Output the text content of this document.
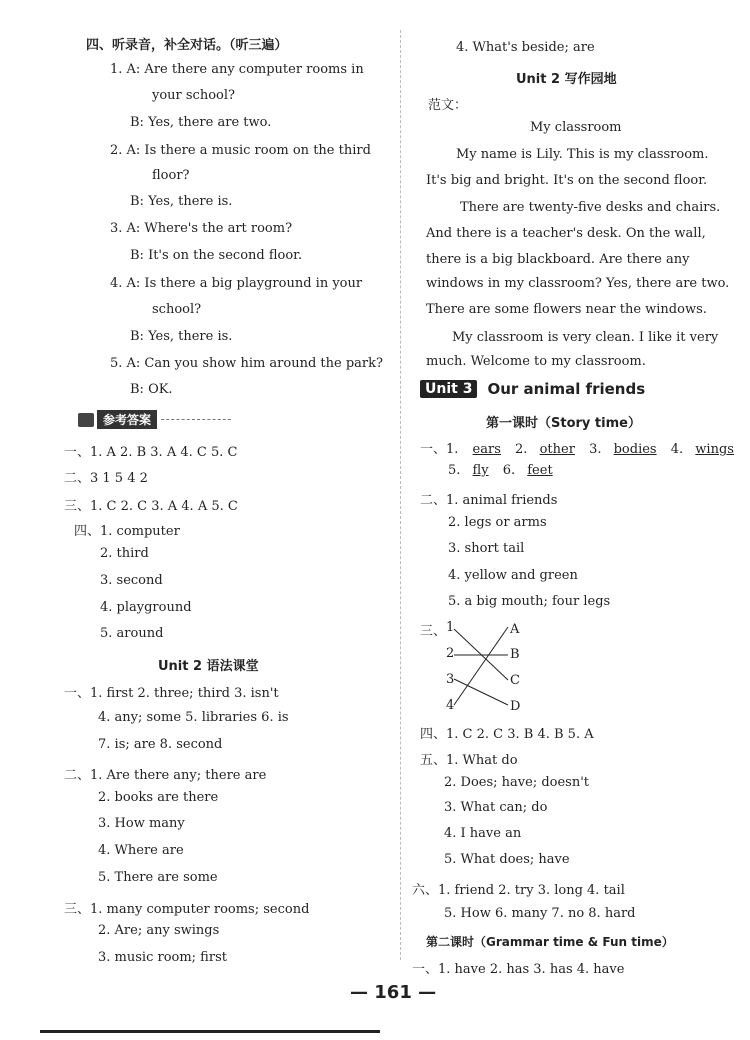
四、听录音，补全对话。（听三遍）
1. A: Are there any computer rooms in
your school?
B: Yes, there are two.
2. A: Is there a music room on the third
floor?
B: Yes, there is.
3. A: Where's the art room?
B: It's on the second floor.
4. A: Is there a big playground in your
school?
B: Yes, there is.
5. A: Can you show him around the park?
B: OK.
参考答案
一、1. A 2. B 3. A 4. C 5. C
二、3 1 5 4 2
三、1. C 2. C 3. A 4. A 5. C
四、1. computer
2. third
3. second
4. playground
5. around
Unit 2 语法课堂
一、1. first 2. three; third 3. isn't
4. any; some 5. libraries 6. is
7. is; are 8. second
二、1. Are there any; there are
2. books are there
3. How many
4. Where are
5. There are some
三、1. many computer rooms; second
2. Are; any swings
3. music room; first
4. What's beside; are
Unit 2 写作园地
范文：
My classroom
My name is Lily. This is my classroom.
It's big and bright. It's on the second floor.
There are twenty-five desks and chairs.
And there is a teacher's desk. On the wall,
there is a big blackboard. Are there any
windows in my classroom? Yes, there are two.
There are some flowers near the windows.
My classroom is very clean. I like it very
much. Welcome to my classroom.
Unit 3	Our animal friends
第一课时（Story time）
一、1. ears 2. other 3. bodies 4. wings
5. fly 6. feet
二、1. animal friends
2. legs or arms
3. short tail
4. yellow and green
5. a big mouth; four legs
三、 1
2
3
4
A
B
C
D
四、1. C 2. C 3. B 4. B 5. A
五、1. What do
2. Does; have; doesn't
3. What can; do
4. I have an
5. What does; have
六、1. friend 2. try 3. long 4. tail
5. How 6. many 7. no 8. hard
第二课时（Grammar time & Fun time）
一、1. have 2. has 3. has 4. have
— 161 —
